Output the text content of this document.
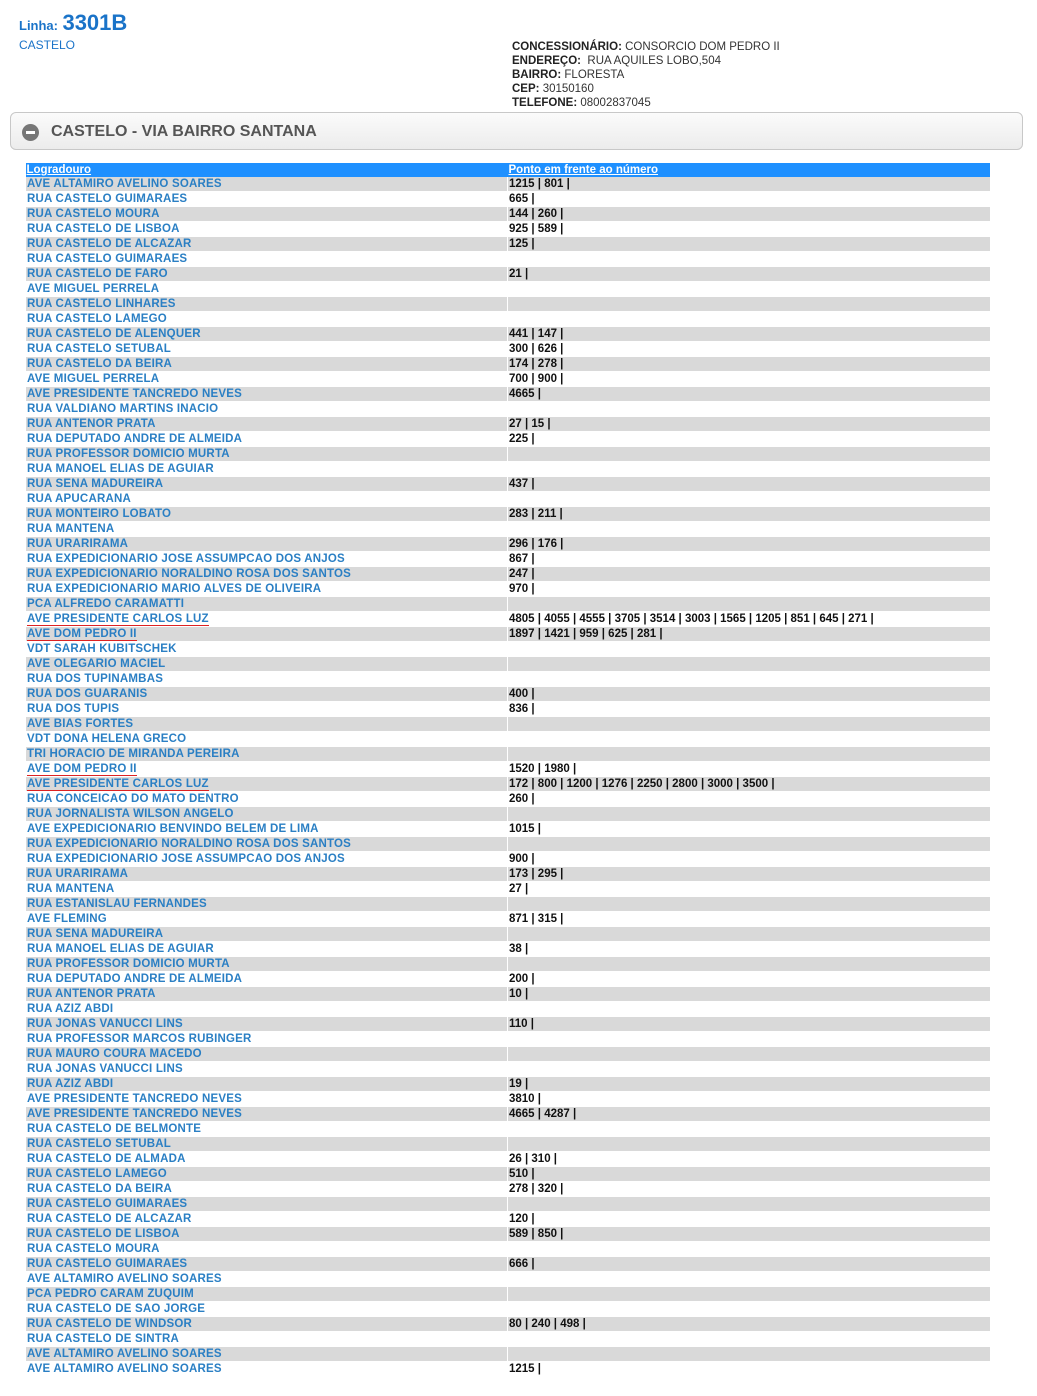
Linha: 3301B
CASTELO	CONCESSIONÁRIO: CONSORCIO DOM PEDRO II
ENDEREÇO: RUA AQUILES LOBO,504
BAIRRO: FLORESTA
CEP: 30150160
TELEFONE: 08002837045
CASTELO - VIA BAIRRO SANTANA
Logradouro	Ponto em frente ao número
AVE ALTAMIRO AVELINO SOARES	1215 | 801 |
RUA CASTELO GUIMARAES	665 |
RUA CASTELO MOURA	144 | 260 |
RUA CASTELO DE LISBOA	925 | 589 |
RUA CASTELO DE ALCAZAR	125 |
RUA CASTELO GUIMARAES	
RUA CASTELO DE FARO	21 |
AVE MIGUEL PERRELA	
RUA CASTELO LINHARES	
RUA CASTELO LAMEGO	
RUA CASTELO DE ALENQUER	441 | 147 |
RUA CASTELO SETUBAL	300 | 626 |
RUA CASTELO DA BEIRA	174 | 278 |
AVE MIGUEL PERRELA	700 | 900 |
AVE PRESIDENTE TANCREDO NEVES	4665 |
RUA VALDIANO MARTINS INACIO	
RUA ANTENOR PRATA	27 | 15 |
RUA DEPUTADO ANDRE DE ALMEIDA	225 |
RUA PROFESSOR DOMICIO MURTA	
RUA MANOEL ELIAS DE AGUIAR	
RUA SENA MADUREIRA	437 |
RUA APUCARANA	
RUA MONTEIRO LOBATO	283 | 211 |
RUA MANTENA	
RUA URARIRAMA	296 | 176 |
RUA EXPEDICIONARIO JOSE ASSUMPCAO DOS ANJOS	867 |
RUA EXPEDICIONARIO NORALDINO ROSA DOS SANTOS	247 |
RUA EXPEDICIONARIO MARIO ALVES DE OLIVEIRA	970 |
PCA ALFREDO CARAMATTI	
AVE PRESIDENTE CARLOS LUZ	4805 | 4055 | 4555 | 3705 | 3514 | 3003 | 1565 | 1205 | 851 | 645 | 271 |
AVE DOM PEDRO II	1897 | 1421 | 959 | 625 | 281 |
VDT SARAH KUBITSCHEK	
AVE OLEGARIO MACIEL	
RUA DOS TUPINAMBAS	
RUA DOS GUARANIS	400 |
RUA DOS TUPIS	836 |
AVE BIAS FORTES	
VDT DONA HELENA GRECO	
TRI HORACIO DE MIRANDA PEREIRA	
AVE DOM PEDRO II	1520 | 1980 |
AVE PRESIDENTE CARLOS LUZ	172 | 800 | 1200 | 1276 | 2250 | 2800 | 3000 | 3500 |
RUA CONCEICAO DO MATO DENTRO	260 |
RUA JORNALISTA WILSON ANGELO	
AVE EXPEDICIONARIO BENVINDO BELEM DE LIMA	1015 |
RUA EXPEDICIONARIO NORALDINO ROSA DOS SANTOS	
RUA EXPEDICIONARIO JOSE ASSUMPCAO DOS ANJOS	900 |
RUA URARIRAMA	173 | 295 |
RUA MANTENA	27 |
RUA ESTANISLAU FERNANDES	
AVE FLEMING	871 | 315 |
RUA SENA MADUREIRA	
RUA MANOEL ELIAS DE AGUIAR	38 |
RUA PROFESSOR DOMICIO MURTA	
RUA DEPUTADO ANDRE DE ALMEIDA	200 |
RUA ANTENOR PRATA	10 |
RUA AZIZ ABDI	
RUA JONAS VANUCCI LINS	110 |
RUA PROFESSOR MARCOS RUBINGER	
RUA MAURO COURA MACEDO	
RUA JONAS VANUCCI LINS	
RUA AZIZ ABDI	19 |
AVE PRESIDENTE TANCREDO NEVES	3810 |
AVE PRESIDENTE TANCREDO NEVES	4665 | 4287 |
RUA CASTELO DE BELMONTE	
RUA CASTELO SETUBAL	
RUA CASTELO DE ALMADA	26 | 310 |
RUA CASTELO LAMEGO	510 |
RUA CASTELO DA BEIRA	278 | 320 |
RUA CASTELO GUIMARAES	
RUA CASTELO DE ALCAZAR	120 |
RUA CASTELO DE LISBOA	589 | 850 |
RUA CASTELO MOURA	
RUA CASTELO GUIMARAES	666 |
AVE ALTAMIRO AVELINO SOARES	
PCA PEDRO CARAM ZUQUIM	
RUA CASTELO DE SAO JORGE	
RUA CASTELO DE WINDSOR	80 | 240 | 498 |
RUA CASTELO DE SINTRA	
AVE ALTAMIRO AVELINO SOARES	
AVE ALTAMIRO AVELINO SOARES	1215 |
